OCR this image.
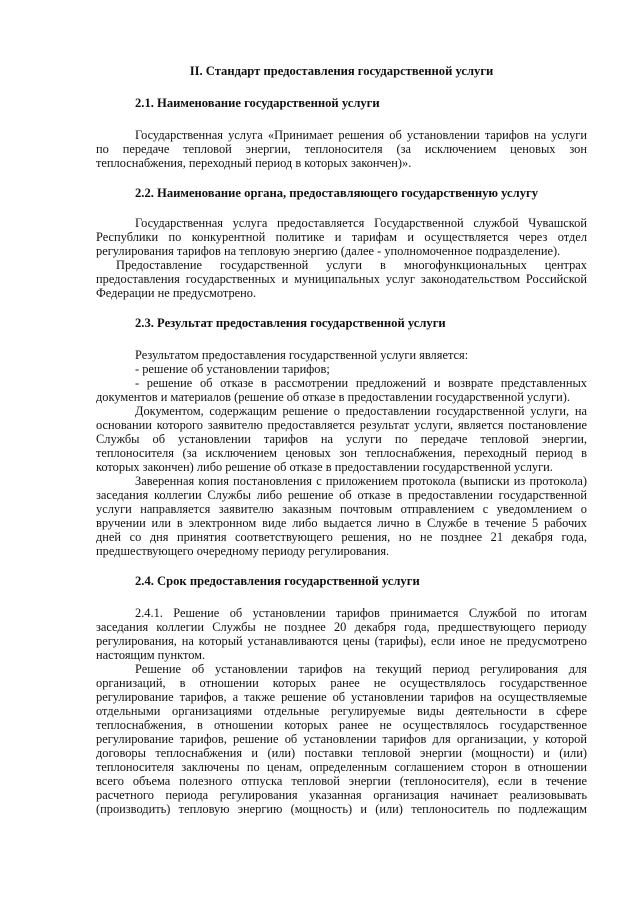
II. Стандарт предоставления государственной услуги
2.1. Наименование государственной услуги
Государственная услуга «Принимает решения об установлении тарифов на услуги
по передаче тепловой энергии, теплоносителя (за исключением ценовых зон
теплоснабжения, переходный период в которых закончен)».
2.2. Наименование органа, предоставляющего государственную услугу
Государственная услуга предоставляется Государственной службой Чувашской
Республики по конкурентной политике и тарифам и осуществляется через отдел
регулирования тарифов на тепловую энергию (далее - уполномоченное подразделение).
Предоставление государственной услуги в многофункциональных центрах
предоставления государственных и муниципальных услуг законодательством Российской
Федерации не предусмотрено.
2.3. Результат предоставления государственной услуги
Результатом предоставления государственной услуги является:
- решение об установлении тарифов;
- решение об отказе в рассмотрении предложений и возврате представленных
документов и материалов (решение об отказе в предоставлении государственной услуги).
Документом, содержащим решение о предоставлении государственной услуги, на
основании которого заявителю предоставляется результат услуги, является постановление
Службы об установлении тарифов на услуги по передаче тепловой энергии,
теплоносителя (за исключением ценовых зон теплоснабжения, переходный период в
которых закончен) либо решение об отказе в предоставлении государственной услуги.
Заверенная копия постановления с приложением протокола (выписки из протокола)
заседания коллегии Службы либо решение об отказе в предоставлении государственной
услуги направляется заявителю заказным почтовым отправлением с уведомлением о
вручении или в электронном виде либо выдается лично в Службе в течение 5 рабочих
дней со дня принятия соответствующего решения, но не позднее 21 декабря года,
предшествующего очередному периоду регулирования.
2.4. Срок предоставления государственной услуги
2.4.1. Решение об установлении тарифов принимается Службой по итогам
заседания коллегии Службы не позднее 20 декабря года, предшествующего периоду
регулирования, на который устанавливаются цены (тарифы), если иное не предусмотрено
настоящим пунктом.
Решение об установлении тарифов на текущий период регулирования для
организаций, в отношении которых ранее не осуществлялось государственное
регулирование тарифов, а также решение об установлении тарифов на осуществляемые
отдельными организациями отдельные регулируемые виды деятельности в сфере
теплоснабжения, в отношении которых ранее не осуществлялось государственное
регулирование тарифов, решение об установлении тарифов для организации, у которой
договоры теплоснабжения и (или) поставки тепловой энергии (мощности) и (или)
теплоносителя заключены по ценам, определенным соглашением сторон в отношении
всего объема полезного отпуска тепловой энергии (теплоносителя), если в течение
расчетного периода регулирования указанная организация начинает реализовывать
(производить) тепловую энергию (мощность) и (или) теплоноситель по подлежащим
